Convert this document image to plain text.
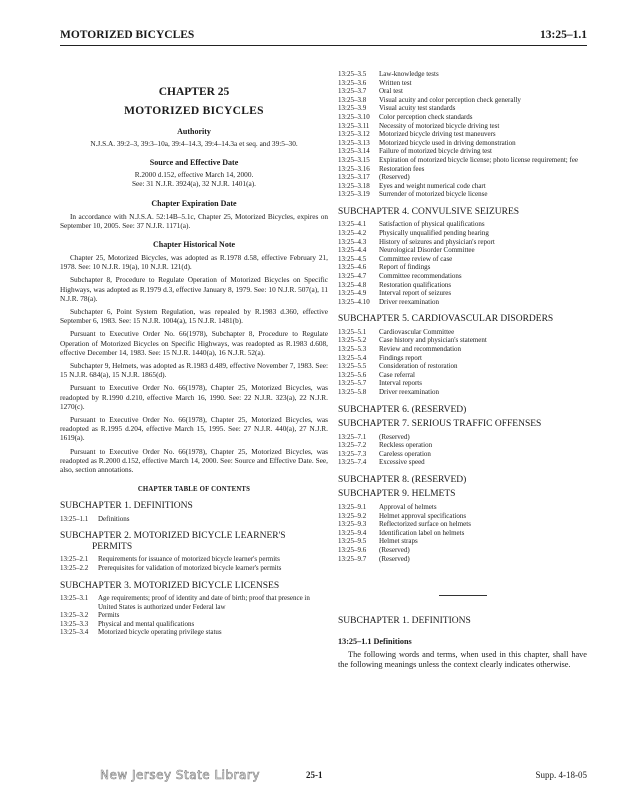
MOTORIZED BICYCLES	13:25–1.1
CHAPTER 25
MOTORIZED BICYCLES
Authority
N.J.S.A. 39:2–3, 39:3–10a, 39:4–14.3, 39:4–14.3a et seq. and 39:5–30.
Source and Effective Date
R.2000 d.152, effective March 14, 2000.
See: 31 N.J.R. 3924(a), 32 N.J.R. 1401(a).
Chapter Expiration Date

In accordance with N.J.S.A. 52:14B–5.1c, Chapter 25, Motorized Bicycles, expires on September 10, 2005. See: 37 N.J.R. 1171(a).

Chapter Historical Note

Chapter 25, Motorized Bicycles, was adopted as R.1978 d.58, effective February 21, 1978. See: 10 N.J.R. 19(a), 10 N.J.R. 121(d).

Subchapter 8, Procedure to Regulate Operation of Motorized Bicycles on Specific Highways, was adopted as R.1979 d.3, effective January 8, 1979. See: 10 N.J.R. 507(a), 11 N.J.R. 78(a).

Subchapter 6, Point System Regulation, was repealed by R.1983 d.360, effective September 6, 1983. See: 15 N.J.R. 1004(a), 15 N.J.R. 1481(b).

Pursuant to Executive Order No. 66(1978), Subchapter 8, Procedure to Regulate Operation of Motorized Bicycles on Specific Highways, was readopted as R.1983 d.608, effective December 14, 1983. See: 15 N.J.R. 1440(a), 16 N.J.R. 52(a).

Subchapter 9, Helmets, was adopted as R.1983 d.489, effective November 7, 1983. See: 15 N.J.R. 684(a), 15 N.J.R. 1865(d).

Pursuant to Executive Order No. 66(1978), Chapter 25, Motorized Bicycles, was readopted by R.1990 d.210, effective March 16, 1990. See: 22 N.J.R. 323(a), 22 N.J.R. 1270(c).

Pursuant to Executive Order No. 66(1978), Chapter 25, Motorized Bicycles, was readopted as R.1995 d.204, effective March 15, 1995. See: 27 N.J.R. 440(a), 27 N.J.R. 1619(a).

Pursuant to Executive Order No. 66(1978), Chapter 25, Motorized Bicycles, was readopted as R.2000 d.152, effective March 14, 2000. See: Source and Effective Date. See, also, section annotations.

CHAPTER TABLE OF CONTENTS
SUBCHAPTER 1. DEFINITIONS
13:25–1.1	Definitions
SUBCHAPTER 2. MOTORIZED BICYCLE LEARNER'S
PERMITS
13:25–2.1	Requirements for issuance of motorized bicycle learner's permits
13:25–2.2	Prerequisites for validation of motorized bicycle learner's permits
SUBCHAPTER 3. MOTORIZED BICYCLE LICENSES
13:25–3.1	Age requirements; proof of identity and date of birth; proof that presence in United States is authorized under Federal law
13:25–3.2	Permits
13:25–3.3	Physical and mental qualifications
13:25–3.4	Motorized bicycle operating privilege status
13:25–3.5	Law-knowledge tests
13:25–3.6	Written test
13:25–3.7	Oral test
13:25–3.8	Visual acuity and color perception check generally
13:25–3.9	Visual acuity test standards
13:25–3.10	Color perception check standards
13:25–3.11	Necessity of motorized bicycle driving test
13:25–3.12	Motorized bicycle driving test maneuvers
13:25–3.13	Motorized bicycle used in driving demonstration
13:25–3.14	Failure of motorized bicycle driving test
13:25–3.15	Expiration of motorized bicycle license; photo license requirement; fee
13:25–3.16	Restoration fees
13:25–3.17	(Reserved)
13:25–3.18	Eyes and weight numerical code chart
13:25–3.19	Surrender of motorized bicycle license
SUBCHAPTER 4. CONVULSIVE SEIZURES
13:25–4.1	Satisfaction of physical qualifications
13:25–4.2	Physically unqualified pending hearing
13:25–4.3	History of seizures and physician's report
13:25–4.4	Neurological Disorder Committee
13:25–4.5	Committee review of case
13:25–4.6	Report of findings
13:25–4.7	Committee recommendations
13:25–4.8	Restoration qualifications
13:25–4.9	Interval report of seizures
13:25–4.10	Driver reexamination
SUBCHAPTER 5. CARDIOVASCULAR DISORDERS
13:25–5.1	Cardiovascular Committee
13:25–5.2	Case history and physician's statement
13:25–5.3	Review and recommendation
13:25–5.4	Findings report
13:25–5.5	Consideration of restoration
13:25–5.6	Case referral
13:25–5.7	Interval reports
13:25–5.8	Driver reexamination
SUBCHAPTER 6. (RESERVED)
SUBCHAPTER 7. SERIOUS TRAFFIC OFFENSES
13:25–7.1	(Reserved)
13:25–7.2	Reckless operation
13:25–7.3	Careless operation
13:25–7.4	Excessive speed
SUBCHAPTER 8. (RESERVED)
SUBCHAPTER 9. HELMETS
13:25–9.1	Approval of helmets
13:25–9.2	Helmet approval specifications
13:25–9.3	Reflectorized surface on helmets
13:25–9.4	Identification label on helmets
13:25–9.5	Helmet straps
13:25–9.6	(Reserved)
13:25–9.7	(Reserved)
SUBCHAPTER 1. DEFINITIONS
13:25–1.1 Definitions
The following words and terms, when used in this chapter, shall have the following meanings unless the context clearly indicates otherwise.
New Jersey State Library	25-1	Supp. 4-18-05
